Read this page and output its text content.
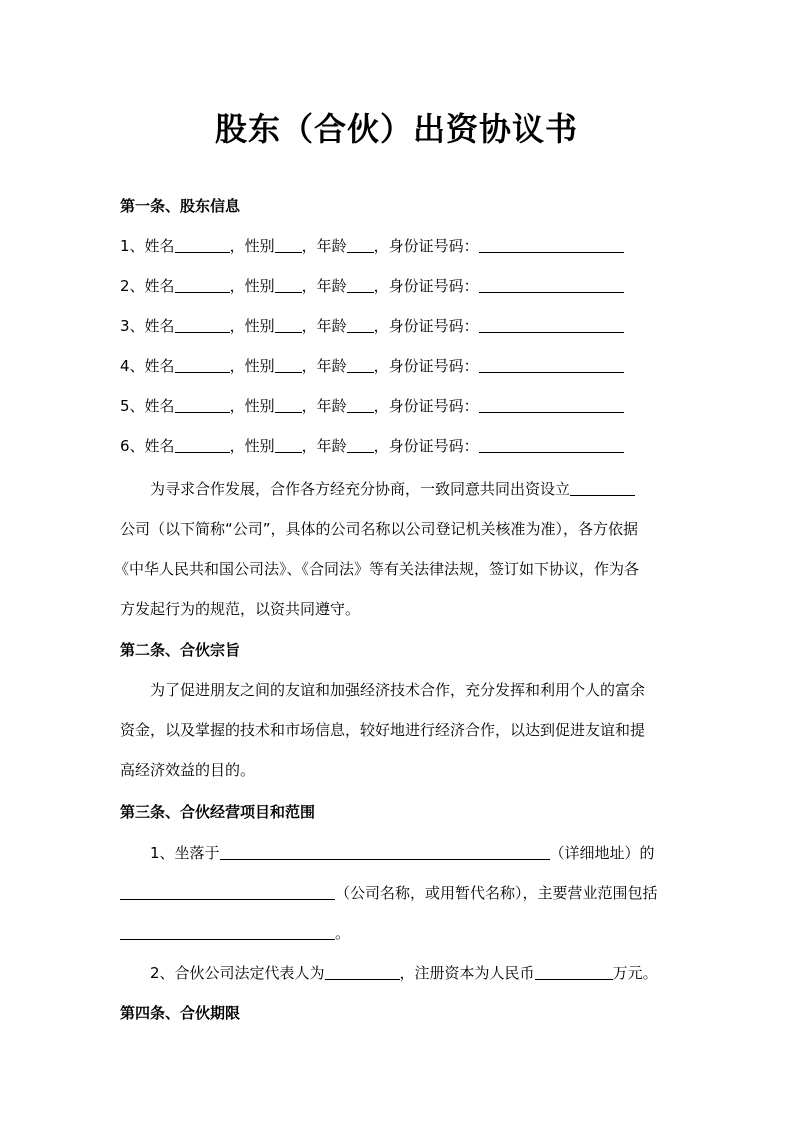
股东（合伙）出资协议书
第一条、股东信息
1、姓名	，性别 ，年龄 ，身份证号码：
2、姓名	，性别 ，年龄 ，身份证号码：
3、姓名	，性别 ，年龄 ，身份证号码：
4、姓名	，性别 ，年龄 ，身份证号码：
5、姓名	，性别 ，年龄 ，身份证号码：
6、姓名	，性别 ，年龄 ，身份证号码：
为寻求合作发展，合作各方经充分协商，一致同意共同出资设立
公司（以下简称“公司”，具体的公司名称以公司登记机关核准为准），各方依据
《中华人民共和国公司法》、《合同法》等有关法律法规，签订如下协议，作为各
方发起行为的规范，以资共同遵守。
第二条、合伙宗旨
为了促进朋友之间的友谊和加强经济技术合作，充分发挥和利用个人的富余
资金，以及掌握的技术和市场信息，较好地进行经济合作，以达到促进友谊和提
高经济效益的目的。
第三条、合伙经营项目和范围
1、坐落于	（详细地址）的
（公司名称，或用暂代名称），主要营业范围包括
。
2、合伙公司法定代表人为	，注册资本为人民币	万元。
第四条、合伙期限
